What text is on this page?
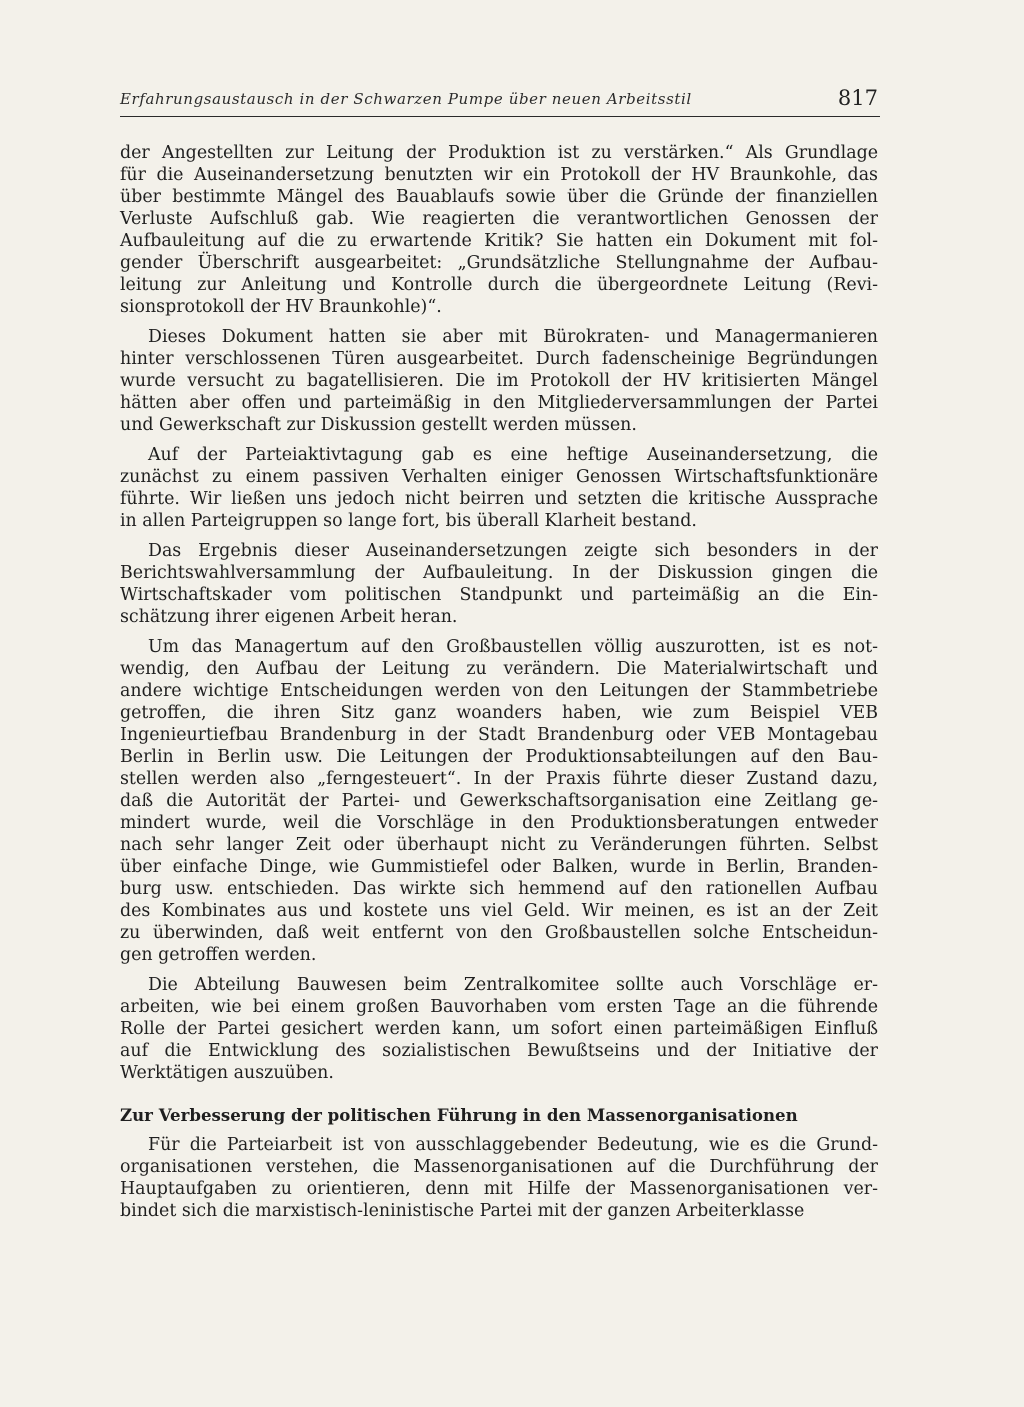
Erfahrungsaustausch in der Schwarzen Pumpe über neuen Arbeitsstil	817

der Angestellten zur Leitung der Produktion ist zu verstärken.“ Als Grundlage
für die Auseinandersetzung benutzten wir ein Protokoll der HV Braunkohle, das
über bestimmte Mängel des Bauablaufs sowie über die Gründe der finanziellen
Verluste Aufschluß gab. Wie reagierten die verantwortlichen Genossen der
Aufbauleitung auf die zu erwartende Kritik? Sie hatten ein Dokument mit fol-
gender Überschrift ausgearbeitet: „Grundsätzliche Stellungnahme der Aufbau-
leitung zur Anleitung und Kontrolle durch die übergeordnete Leitung (Revi-
sionsprotokoll der HV Braunkohle)“.

Dieses Dokument hatten sie aber mit Bürokraten- und Managermanieren
hinter verschlossenen Türen ausgearbeitet. Durch fadenscheinige Begründungen
wurde versucht zu bagatellisieren. Die im Protokoll der HV kritisierten Mängel
hätten aber offen und parteimäßig in den Mitgliederversammlungen der Partei
und Gewerkschaft zur Diskussion gestellt werden müssen.

Auf der Parteiaktivtagung gab es eine heftige Auseinandersetzung, die
zunächst zu einem passiven Verhalten einiger Genossen Wirtschaftsfunktionäre
führte. Wir ließen uns jedoch nicht beirren und setzten die kritische Aussprache
in allen Parteigruppen so lange fort, bis überall Klarheit bestand.

Das Ergebnis dieser Auseinandersetzungen zeigte sich besonders in der
Berichtswahlversammlung der Aufbauleitung. In der Diskussion gingen die
Wirtschaftskader vom politischen Standpunkt und parteimäßig an die Ein-
schätzung ihrer eigenen Arbeit heran.

Um das Managertum auf den Großbaustellen völlig auszurotten, ist es not-
wendig, den Aufbau der Leitung zu verändern. Die Materialwirtschaft und
andere wichtige Entscheidungen werden von den Leitungen der Stammbetriebe
getroffen, die ihren Sitz ganz woanders haben, wie zum Beispiel VEB
Ingenieurtiefbau Brandenburg in der Stadt Brandenburg oder VEB Montagebau
Berlin in Berlin usw. Die Leitungen der Produktionsabteilungen auf den Bau-
stellen werden also „ferngesteuert“. In der Praxis führte dieser Zustand dazu,
daß die Autorität der Partei- und Gewerkschaftsorganisation eine Zeitlang ge-
mindert wurde, weil die Vorschläge in den Produktionsberatungen entweder
nach sehr langer Zeit oder überhaupt nicht zu Veränderungen führten. Selbst
über einfache Dinge, wie Gummistiefel oder Balken, wurde in Berlin, Branden-
burg usw. entschieden. Das wirkte sich hemmend auf den rationellen Aufbau
des Kombinates aus und kostete uns viel Geld. Wir meinen, es ist an der Zeit
zu überwinden, daß weit entfernt von den Großbaustellen solche Entscheidun-
gen getroffen werden.

Die Abteilung Bauwesen beim Zentralkomitee sollte auch Vorschläge er-
arbeiten, wie bei einem großen Bauvorhaben vom ersten Tage an die führende
Rolle der Partei gesichert werden kann, um sofort einen parteimäßigen Einfluß
auf die Entwicklung des sozialistischen Bewußtseins und der Initiative der
Werktätigen auszuüben.

Zur Verbesserung der politischen Führung in den Massenorganisationen

Für die Parteiarbeit ist von ausschlaggebender Bedeutung, wie es die Grund-
organisationen verstehen, die Massenorganisationen auf die Durchführung der
Hauptaufgaben zu orientieren, denn mit Hilfe der Massenorganisationen ver-
bindet sich die marxistisch-leninistische Partei mit der ganzen Arbeiterklasse
